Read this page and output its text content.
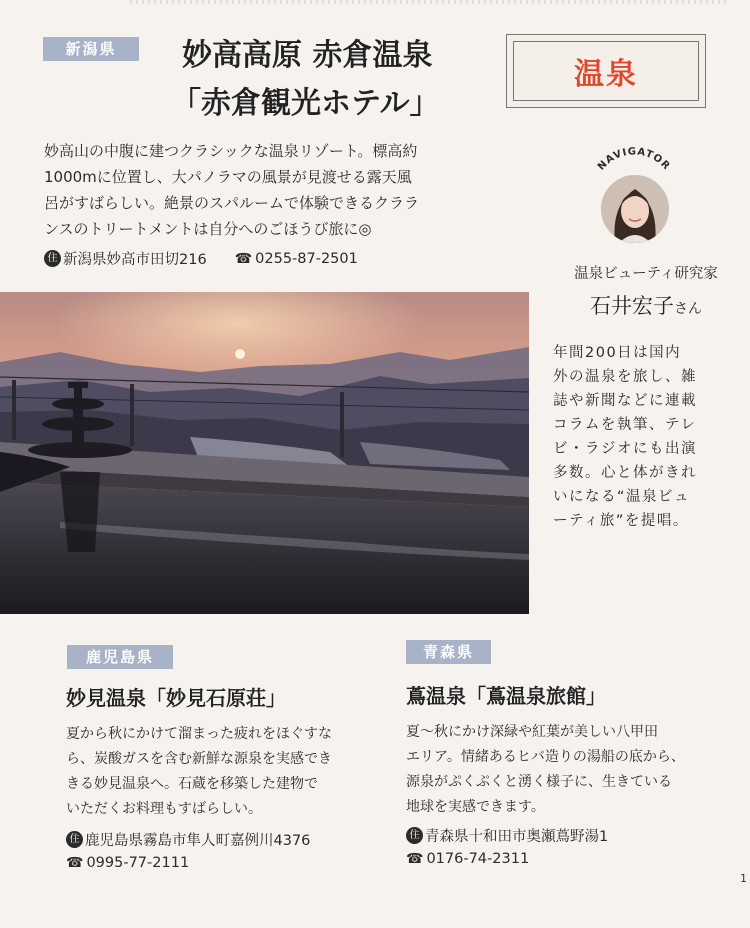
新潟県	妙高高原 赤倉温泉
「赤倉観光ホテル」
温泉
妙高山の中腹に建つクラシックな温泉リゾート。標高約
1000mに位置し、大パノラマの風景が見渡せる露天風
呂がすばらしい。絶景のスパルームで体験できるクララ
ンスのトリートメントは自分へのごほうび旅に◎
住 新潟県妙高市田切216 ☎ 0255-87-2501
NAVIGATOR
温泉ビューティ研究家
石井宏子さん
年間200日は国内
外の温泉を旅し、雑
誌や新聞などに連載
コラムを執筆、テレ
ビ・ラジオにも出演
多数。心と体がきれ
いになる“温泉ビュ
ーティ旅”を提唱。
鹿児島県
妙見温泉「妙見石原荘」
夏から秋にかけて溜まった疲れをほぐすな
ら、炭酸ガスを含む新鮮な源泉を実感でき
きる妙見温泉へ。石蔵を移築した建物で
いただくお料理もすばらしい。
住 鹿児島県霧島市隼人町嘉例川4376
☎ 0995-77-2111
青森県
蔦温泉「蔦温泉旅館」
夏〜秋にかけ深緑や紅葉が美しい八甲田
エリア。情緒あるヒバ造りの湯船の底から、
源泉がぷくぷくと湧く様子に、生きている
地球を実感できます。
住 青森県十和田市奥瀬蔦野湯1
☎ 0176-74-2311
1
